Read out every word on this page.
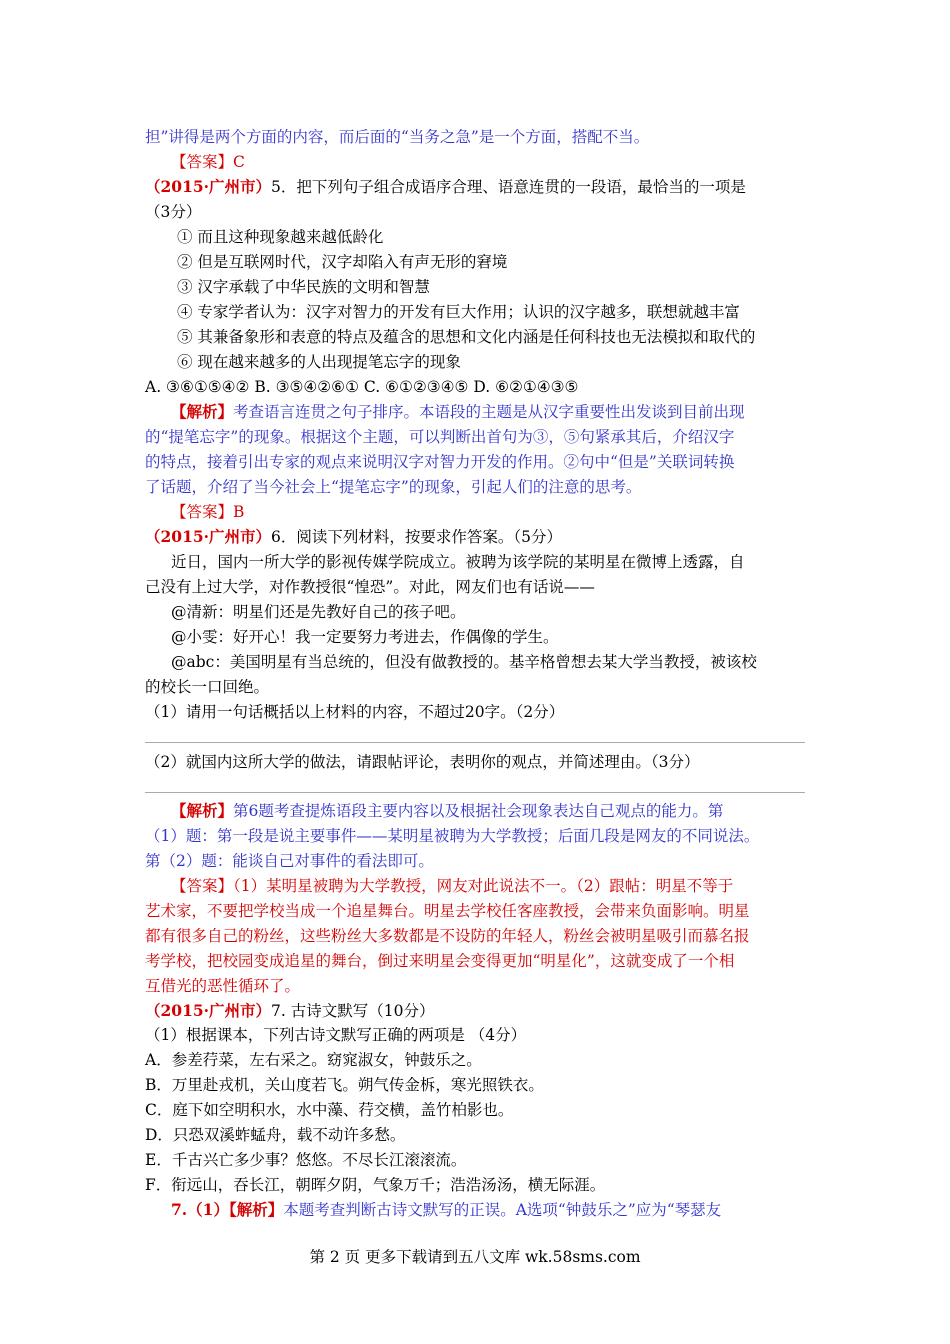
担”讲得是两个方面的内容，而后面的“当务之急”是一个方面，搭配不当。
【答案】C
（2015·广州市）5．把下列句子组合成语序合理、语意连贯的一段语，最恰当的一项是
（3分）
① 而且这种现象越来越低龄化
② 但是互联网时代，汉字却陷入有声无形的窘境
③ 汉字承载了中华民族的文明和智慧
④ 专家学者认为：汉字对智力的开发有巨大作用；认识的汉字越多，联想就越丰富
⑤ 其兼备象形和表意的特点及蕴含的思想和文化内涵是任何科技也无法模拟和取代的
⑥ 现在越来越多的人出现提笔忘字的现象
A. ③⑥①⑤④② B. ③⑤④②⑥① C. ⑥①②③④⑤ D. ⑥②①④③⑤
【解析】考查语言连贯之句子排序。本语段的主题是从汉字重要性出发谈到目前出现
的“提笔忘字”的现象。根据这个主题，可以判断出首句为③，⑤句紧承其后，介绍汉字
的特点，接着引出专家的观点来说明汉字对智力开发的作用。②句中“但是”关联词转换
了话题，介绍了当今社会上“提笔忘字”的现象，引起人们的注意的思考。
【答案】B
（2015·广州市）6．阅读下列材料，按要求作答案。（5分）
近日，国内一所大学的影视传媒学院成立。被聘为该学院的某明星在微博上透露，自
己没有上过大学，对作教授很“惶恐”。对此，网友们也有话说——
@清新：明星们还是先教好自己的孩子吧。
@小雯：好开心！我一定要努力考进去，作偶像的学生。
@abc：美国明星有当总统的，但没有做教授的。基辛格曾想去某大学当教授，被该校
的校长一口回绝。
（1）请用一句话概括以上材料的内容，不超过20字。（2分）
（2）就国内这所大学的做法，请跟帖评论，表明你的观点，并简述理由。（3分）
【解析】第6题考查提炼语段主要内容以及根据社会现象表达自己观点的能力。第
（1）题：第一段是说主要事件——某明星被聘为大学教授；后面几段是网友的不同说法。
第（2）题：能谈自己对事件的看法即可。
【答案】（1）某明星被聘为大学教授，网友对此说法不一。（2）跟帖：明星不等于
艺术家，不要把学校当成一个追星舞台。明星去学校任客座教授，会带来负面影响。明星
都有很多自己的粉丝，这些粉丝大多数都是不设防的年轻人，粉丝会被明星吸引而慕名报
考学校，把校园变成追星的舞台，倒过来明星会变得更加“明星化”，这就变成了一个相
互借光的恶性循环了。
（2015·广州市）7. 古诗文默写（10分）
（1）根据课本，下列古诗文默写正确的两项是 （4分）
A．参差荇菜，左右采之。窈窕淑女，钟鼓乐之。
B．万里赴戎机，关山度若飞。朔气传金柝，寒光照铁衣。
C．庭下如空明积水，水中藻、荇交横，盖竹柏影也。
D．只恐双溪蚱蜢舟，载不动许多愁。
E．千古兴亡多少事？悠悠。不尽长江滚滚流。
F．衔远山，吞长江，朝晖夕阴，气象万千；浩浩汤汤，横无际涯。
7.（1）【解析】本题考查判断古诗文默写的正误。A选项“钟鼓乐之”应为“琴瑟友
第 2 页 更多下载请到五八文库 wk.58sms.com
